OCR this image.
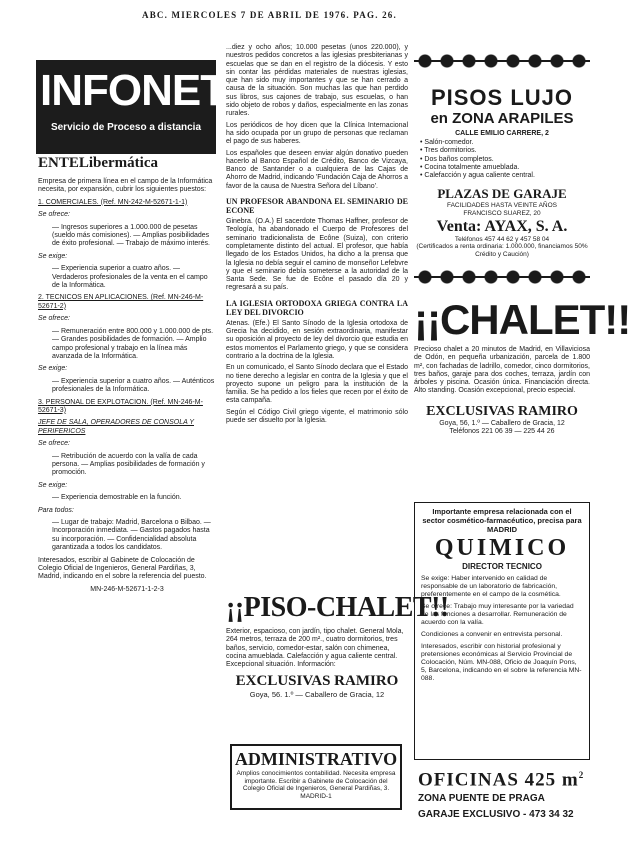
ABC. MIERCOLES 7 DE ABRIL DE 1976. PAG. 26.
INFONET
Servicio de Proceso a distancia
ENTELibermática

Empresa de primera línea en el campo de la Informática necesita, por expansión, cubrir los siguientes puestos:

1. COMERCIALES. (Ref. MN-242-M-52671-1-1)

Se ofrece:

— Ingresos superiores a 1.000.000 de pesetas (sueldo más comisiones). — Amplias posibilidades de éxito profesional. — Trabajo de máximo interés.

Se exige:

— Experiencia superior a cuatro años. — Verdaderos profesionales de la venta en el campo de la Informática.

2. TECNICOS EN APLICACIONES. (Ref. MN-246-M-52671-2)

Se ofrece:

— Remuneración entre 800.000 y 1.000.000 de pts. — Grandes posibilidades de formación. — Amplio campo profesional y trabajo en la línea más avanzada de la Informática.

Se exige:

— Experiencia superior a cuatro años. — Auténticos profesionales de la Informática.

3. PERSONAL DE EXPLOTACION. (Ref. MN-246-M-52671-3)

JEFE DE SALA, OPERADORES DE CONSOLA Y PERIFERICOS

Se ofrece:

— Retribución de acuerdo con la valía de cada persona. — Amplias posibilidades de formación y promoción.

Se exige:

— Experiencia demostrable en la función.

Para todos:

— Lugar de trabajo: Madrid, Barcelona o Bilbao. — Incorporación inmediata. — Gastos pagados hasta su incorporación. — Confidencialidad absoluta garantizada a todos los candidatos.

Interesados, escribir al Gabinete de Colocación de Colegio Oficial de Ingenieros, General Pardiñas, 3, Madrid, indicando en el sobre la referencia del puesto.

MN-246-M-52671-1-2-3

...diez y ocho años; 10.000 pesetas (unos 220.000), y nuestros pedidos concretos a las iglesias presbiterianas y escuelas que se dan en el registro de la diócesis. Y esto sin contar las pérdidas materiales de nuestras iglesias, que han sido muy importantes y que se han cerrado a causa de la situación. Son muchas las que han perdido sus libros, sus cajones de trabajo, sus escuelas, o han sido objeto de robos y daños, especialmente en las zonas rurales.

Los periódicos de hoy dicen que la Clínica Internacional ha sido ocupada por un grupo de personas que reclaman el pago de sus haberes.

Los españoles que deseen enviar algún donativo pueden hacerlo al Banco Español de Crédito, Banco de Vizcaya, Banco de Santander o a cualquiera de las Cajas de Ahorro de Madrid, indicando 'Fundación Caja de Ahorros a favor de la causa de Nuestra Señora del Líbano'.

UN PROFESOR ABANDONA EL SEMINARIO DE ECONE

Ginebra. (O.A.) El sacerdote Thomas Haffner, profesor de Teología, ha abandonado el Cuerpo de Profesores del seminario tradicionalista de Ecône (Suiza), con criterio completamente distinto del actual. El profesor, que había llegado de los Estados Unidos, ha dicho a la prensa que la Iglesia no debía seguir el camino de monseñor Lefebvre y que el seminario debía someterse a la autoridad de la Santa Sede. Se fue de Ecône el pasado día 20 y regresará a su país.

LA IGLESIA ORTODOXA GRIEGA CONTRA LA LEY DEL DIVORCIO

Atenas. (Efe.) El Santo Sínodo de la Iglesia ortodoxa de Grecia ha decidido, en sesión extraordinaria, manifestar su oposición al proyecto de ley del divorcio que estudia en estos momentos el Parlamento griego, y que se considera contrario a la doctrina de la Iglesia.

En un comunicado, el Santo Sínodo declara que el Estado no tiene derecho a legislar en contra de la Iglesia y que el proyecto supone un peligro para la institución de la familia. Se ha pedido a los fieles que recen por el éxito de esta campaña.

Según el Código Civil griego vigente, el matrimonio sólo puede ser disuelto por la Iglesia.

¡¡PISO-CHALET!!
Exterior, espacioso, con jardín, tipo chalet. General Mola, 264 metros, terraza de 200 m²., cuatro dormitorios, tres baños, servicio, comedor-estar, salón con chimenea, cocina amueblada. Calefacción y agua caliente central. Excepcional situación. Información:
EXCLUSIVAS RAMIRO
Goya, 56. 1.º — Caballero de Gracia, 12
ADMINISTRATIVO
Amplios conocimientos contabilidad. Necesita empresa importante. Escribir a Gabinete de Colocación del Colegio Oficial de Ingenieros, General Pardiñas, 3. MADRID-1
PISOS LUJO
en ZONA ARAPILES
CALLE EMILIO CARRERE, 2
• Salón-comedor.
• Tres dormitorios.
• Dos baños completos.
• Cocina totalmente amueblada.
• Calefacción y agua caliente central.
PLAZAS DE GARAJE
FACILIDADES HASTA VEINTE AÑOS
FRANCISCO SUAREZ, 20
Venta: AYAX, S. A.
Teléfonos 457 44 62 y 457 58 04
(Certificados a renta ordinaria: 1.000.000, financiamos 50% Crédito y Caución)
¡¡CHALET!!
Precioso chalet a 20 minutos de Madrid, en Villaviciosa de Odón, en pequeña urbanización, parcela de 1.800 m², con fachadas de ladrillo, comedor, cinco dormitorios, tres baños, garaje para dos coches, terraza, jardín con árboles y piscina. Ocasión única. Financiación directa. Alto standing. Ocasión excepcional, precio especial.
EXCLUSIVAS RAMIRO
Goya, 56, 1.º — Caballero de Gracia, 12
Teléfonos 221 06 39 — 225 44 26
Importante empresa relacionada con el sector cosmético-farmacéutico, precisa para MADRID
QUIMICO
DIRECTOR TECNICO
Se exige: Haber intervenido en calidad de responsable de un laboratorio de fabricación, preferentemente en el campo de la cosmética.
Se ofrece: Trabajo muy interesante por la variedad de las funciones a desarrollar. Remuneración de acuerdo con la valía.
Condiciones a convenir en entrevista personal.
Interesados, escribir con historial profesional y pretensiones económicas al Servicio Provincial de Colocación, Núm. MN-088, Oficio de Joaquín Pons, 5, Barcelona, indicando en el sobre la referencia MN-088.
OFICINAS 425 $m^2$
ZONA PUENTE DE PRAGA
GARAJE EXCLUSIVO - 473 34 32
